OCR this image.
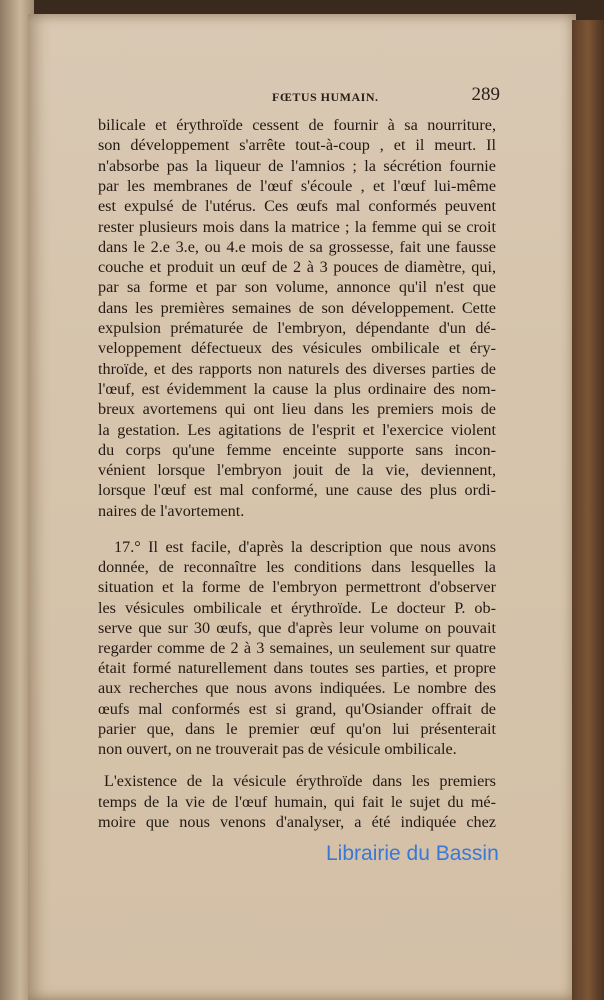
FŒTUS HUMAIN.	289
bilicale et érythroïde cessent de fournir à sa nourriture,
son développement s'arrête tout-à-coup , et il meurt. Il
n'absorbe pas la liqueur de l'amnios ; la sécrétion fournie
par les membranes de l'œuf s'écoule , et l'œuf lui-même
est expulsé de l'utérus. Ces œufs mal conformés peuvent
rester plusieurs mois dans la matrice ; la femme qui se croit
dans le 2.e 3.e, ou 4.e mois de sa grossesse, fait une fausse
couche et produit un œuf de 2 à 3 pouces de diamètre, qui,
par sa forme et par son volume, annonce qu'il n'est que
dans les premières semaines de son développement. Cette
expulsion prématurée de l'embryon, dépendante d'un dé-
veloppement défectueux des vésicules ombilicale et éry-
throïde, et des rapports non naturels des diverses parties de
l'œuf, est évidemment la cause la plus ordinaire des nom-
breux avortemens qui ont lieu dans les premiers mois de
la gestation. Les agitations de l'esprit et l'exercice violent
du corps qu'une femme enceinte supporte sans incon-
vénient lorsque l'embryon jouit de la vie, deviennent,
lorsque l'œuf est mal conformé, une cause des plus ordi-
naires de l'avortement.
17.° Il est facile, d'après la description que nous avons
donnée, de reconnaître les conditions dans lesquelles la
situation et la forme de l'embryon permettront d'observer
les vésicules ombilicale et érythroïde. Le docteur P. ob-
serve que sur 30 œufs, que d'après leur volume on pouvait
regarder comme de 2 à 3 semaines, un seulement sur quatre
était formé naturellement dans toutes ses parties, et propre
aux recherches que nous avons indiquées. Le nombre des
œufs mal conformés est si grand, qu'Osiander offrait de
parier que, dans le premier œuf qu'on lui présenterait
non ouvert, on ne trouverait pas de vésicule ombilicale.
L'existence de la vésicule érythroïde dans les premiers
temps de la vie de l'œuf humain, qui fait le sujet du mé-
moire que nous venons d'analyser, a été indiquée chez
Librairie du Bassin
